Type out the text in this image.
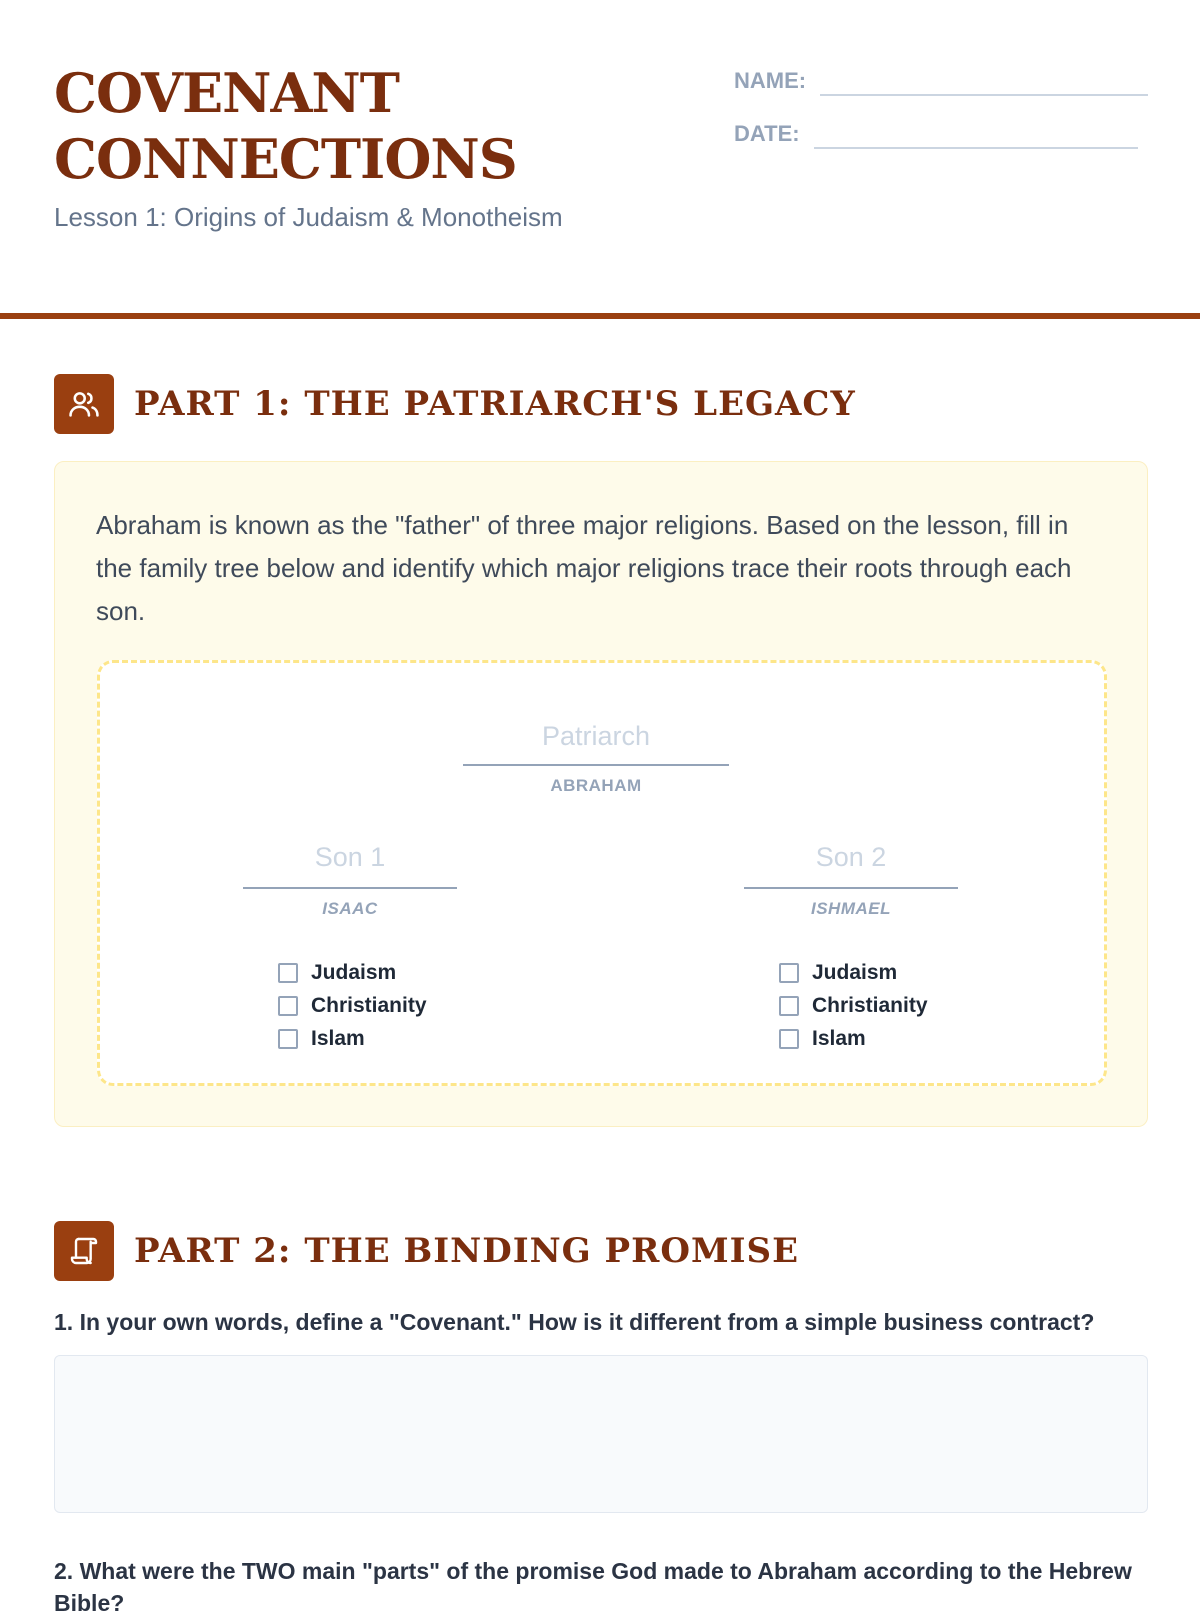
COVENANT
CONNECTIONS
Lesson 1: Origins of Judaism & Monotheism
NAME:
DATE:
PART 1: THE PATRIARCH'S LEGACY
Abraham is known as the "father" of three major religions. Based on the lesson, fill in the family tree below and identify which major religions trace their roots through each son.
Patriarch
ABRAHAM
Son 1
ISAAC
Son 2
ISHMAEL
Judaism
Christianity
Islam
Judaism
Christianity
Islam
PART 2: THE BINDING PROMISE
1. In your own words, define a "Covenant." How is it different from a simple business contract?
2. What were the TWO main "parts" of the promise God made to Abraham according to the Hebrew Bible?
